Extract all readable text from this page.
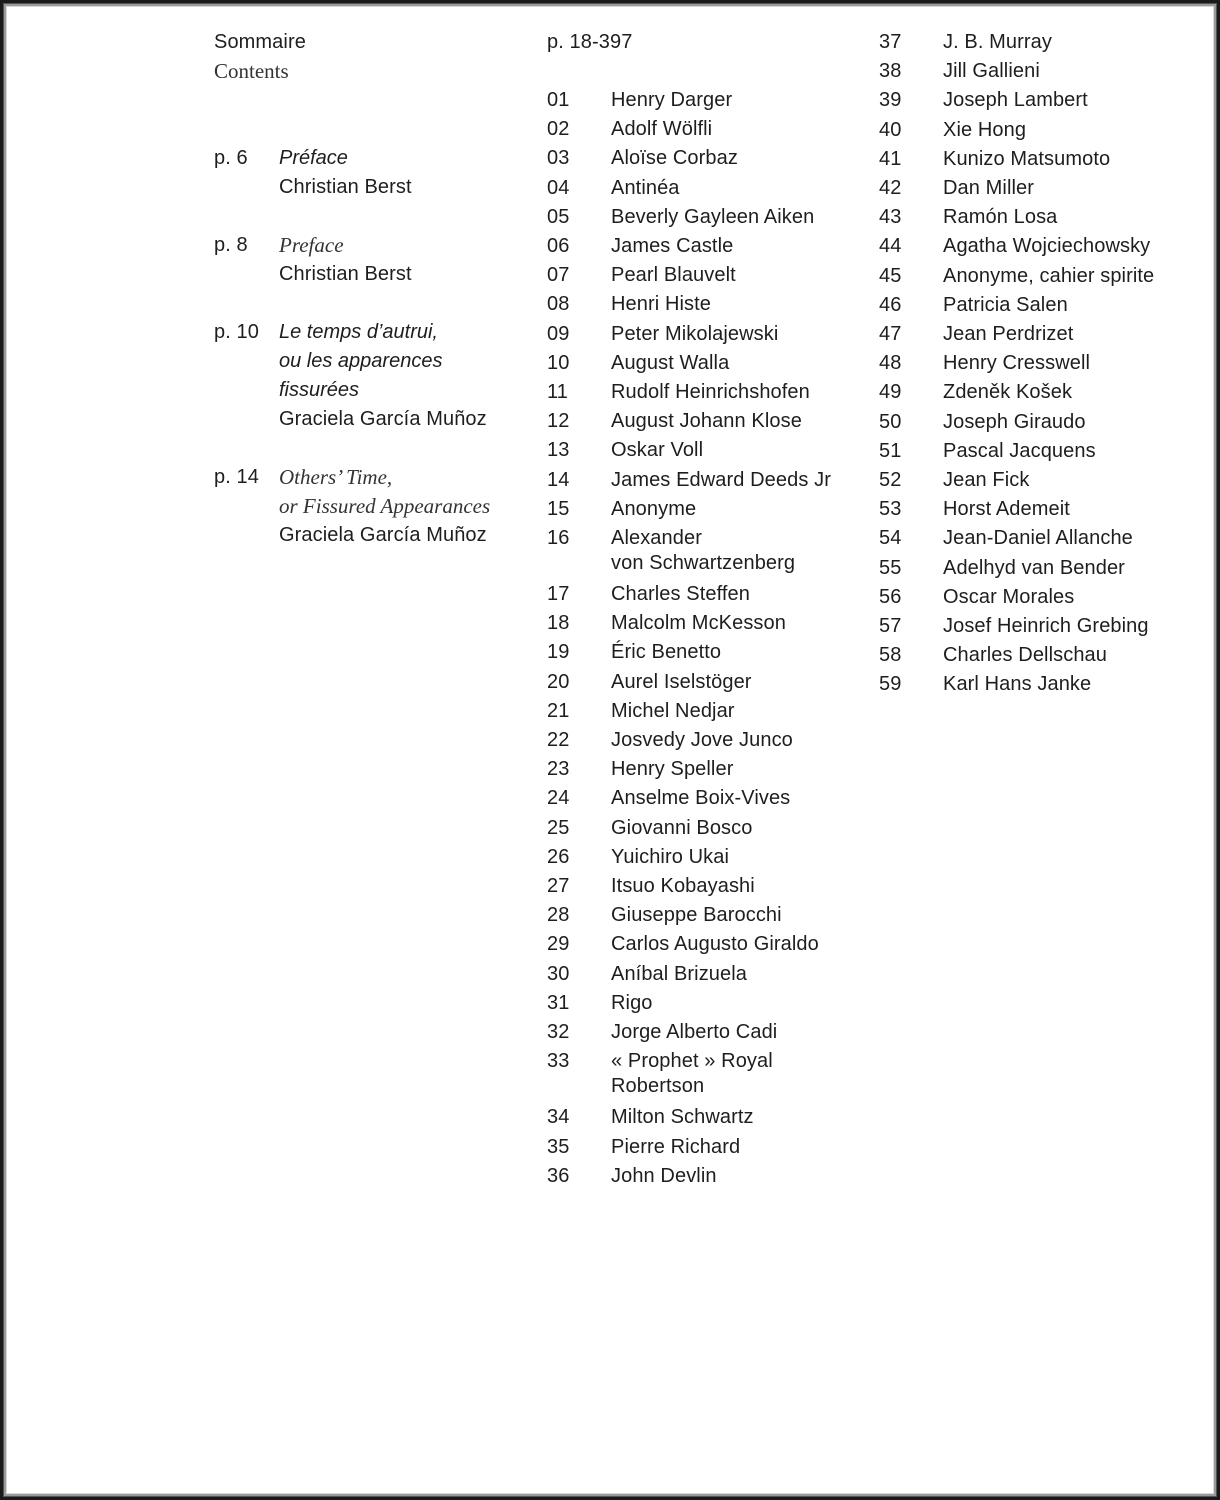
Sommaire
Contents
p. 6 Préface
Christian Berst
p. 8 Preface
Christian Berst
p. 10 Le temps d’autrui,
ou les apparences
fissurées
Graciela García Muñoz
p. 14 Others’ Time,
or Fissured Appearances
Graciela García Muñoz
p. 18-397
01 Henry Darger
02 Adolf Wölfli
03 Aloïse Corbaz
04 Antinéa
05 Beverly Gayleen Aiken
06 James Castle
07 Pearl Blauvelt
08 Henri Histe
09 Peter Mikolajewski
10 August Walla
11 Rudolf Heinrichshofen
12 August Johann Klose
13 Oskar Voll
14 James Edward Deeds Jr
15 Anonyme
16 Alexander
von Schwartzenberg
17 Charles Steffen
18 Malcolm McKesson
19 Éric Benetto
20 Aurel Iselstöger
21 Michel Nedjar
22 Josvedy Jove Junco
23 Henry Speller
24 Anselme Boix-Vives
25 Giovanni Bosco
26 Yuichiro Ukai
27 Itsuo Kobayashi
28 Giuseppe Barocchi
29 Carlos Augusto Giraldo
30 Aníbal Brizuela
31 Rigo
32 Jorge Alberto Cadi
33 « Prophet » Royal
Robertson
34 Milton Schwartz
35 Pierre Richard
36 John Devlin
37 J. B. Murray
38 Jill Gallieni
39 Joseph Lambert
40 Xie Hong
41 Kunizo Matsumoto
42 Dan Miller
43 Ramón Losa
44 Agatha Wojciechowsky
45 Anonyme, cahier spirite
46 Patricia Salen
47 Jean Perdrizet
48 Henry Cresswell
49 Zdeněk Košek
50 Joseph Giraudo
51 Pascal Jacquens
52 Jean Fick
53 Horst Ademeit
54 Jean-Daniel Allanche
55 Adelhyd van Bender
56 Oscar Morales
57 Josef Heinrich Grebing
58 Charles Dellschau
59 Karl Hans Janke
